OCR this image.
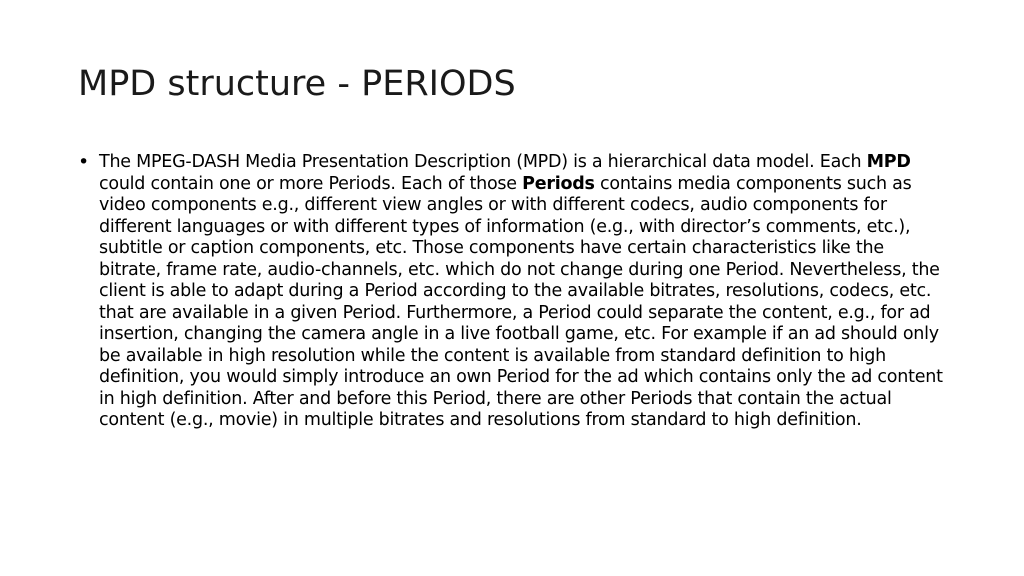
MPD structure - PERIODS
• The MPEG-DASH Media Presentation Description (MPD) is a hierarchical data model. Each MPD could contain one or more Periods. Each of those Periods contains media components such as video components e.g., different view angles or with different codecs, audio components for different languages or with different types of information (e.g., with director’s comments, etc.), subtitle or caption components, etc. Those components have certain characteristics like the bitrate, frame rate, audio-channels, etc. which do not change during one Period. Nevertheless, the client is able to adapt during a Period according to the available bitrates, resolutions, codecs, etc. that are available in a given Period. Furthermore, a Period could separate the content, e.g., for ad insertion, changing the camera angle in a live football game, etc. For example if an ad should only be available in high resolution while the content is available from standard definition to high definition, you would simply introduce an own Period for the ad which contains only the ad content in high definition. After and before this Period, there are other Periods that contain the actual content (e.g., movie) in multiple bitrates and resolutions from standard to high definition.
